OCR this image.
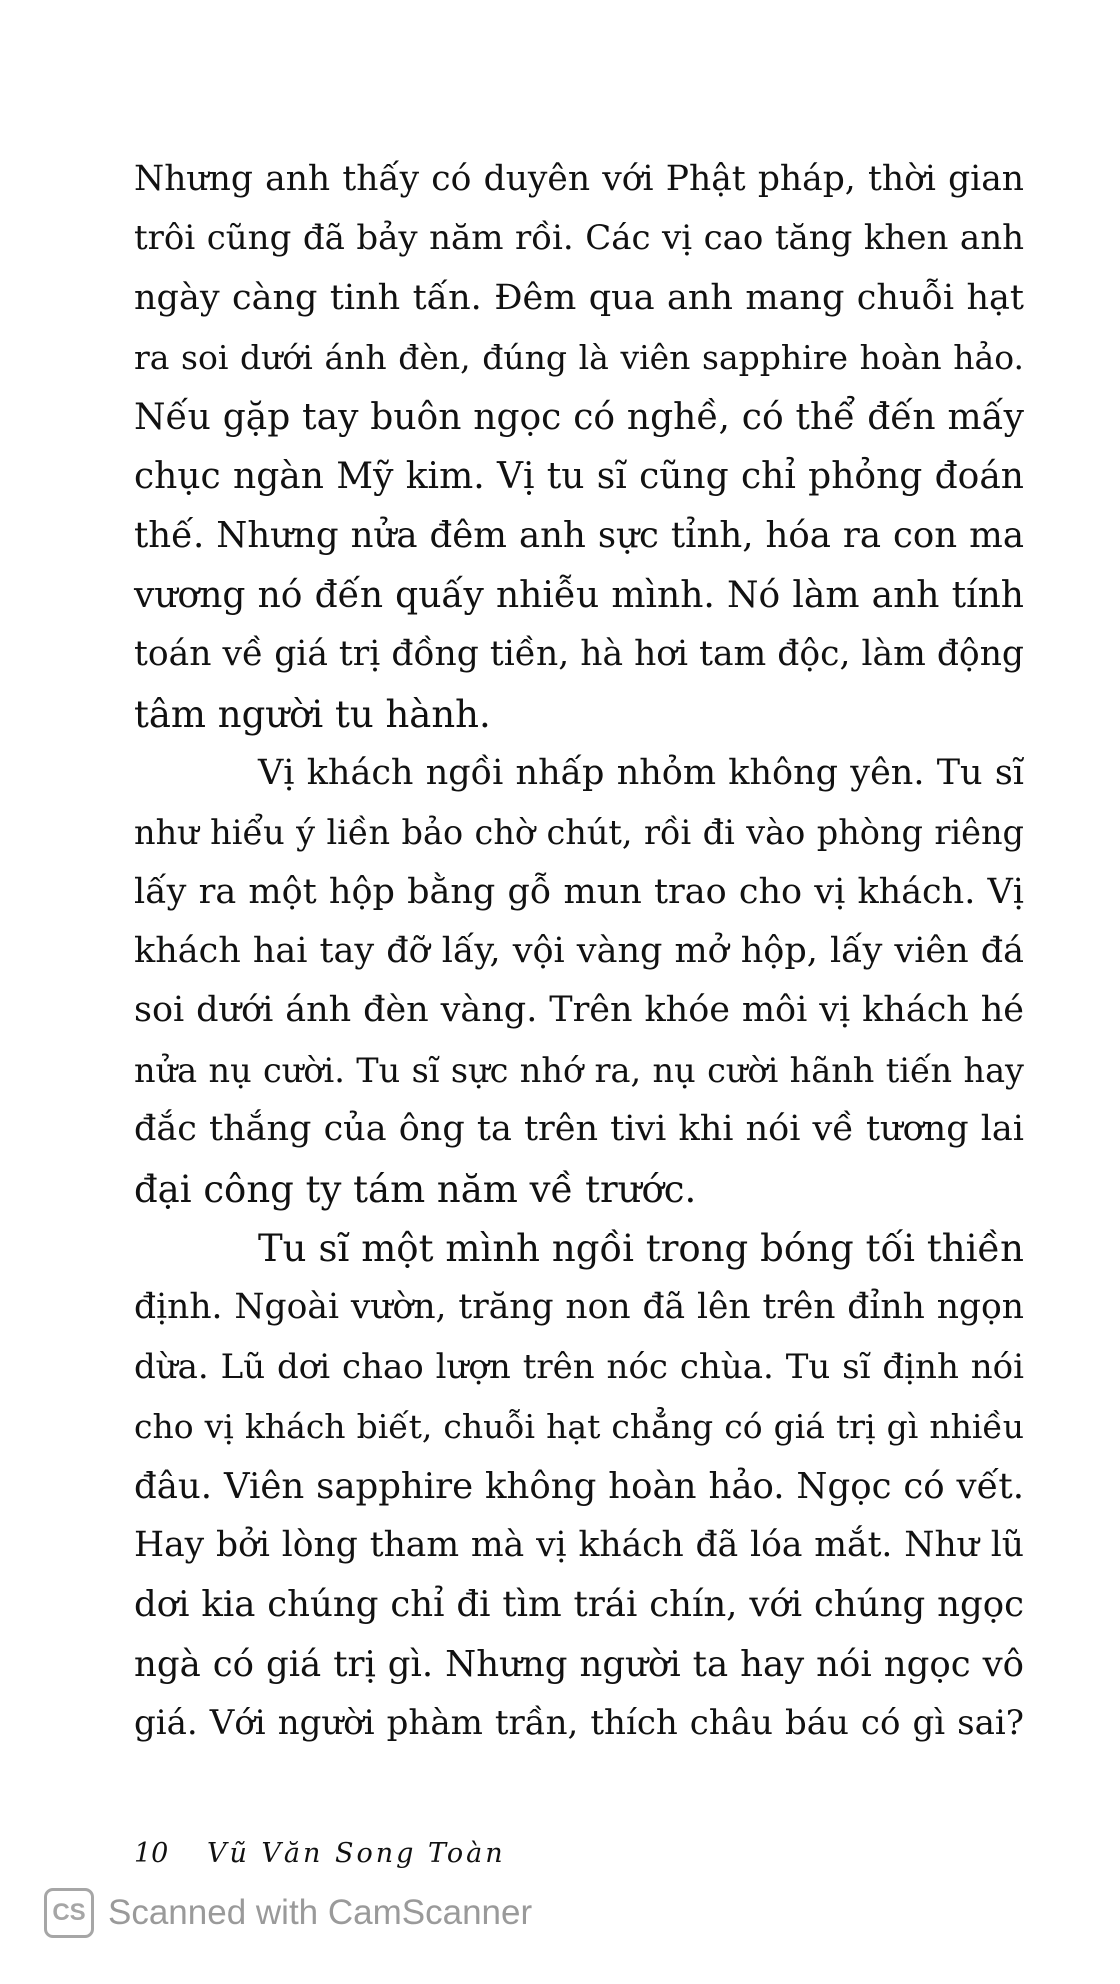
Nhưng anh thấy có duyên với Phật pháp, thời gian
trôi cũng đã bảy năm rồi. Các vị cao tăng khen anh
ngày càng tinh tấn. Đêm qua anh mang chuỗi hạt
ra soi dưới ánh đèn, đúng là viên sapphire hoàn hảo.
Nếu gặp tay buôn ngọc có nghề, có thể đến mấy
chục ngàn Mỹ kim. Vị tu sĩ cũng chỉ phỏng đoán
thế. Nhưng nửa đêm anh sực tỉnh, hóa ra con ma
vương nó đến quấy nhiễu mình. Nó làm anh tính
toán về giá trị đồng tiền, hà hơi tam độc, làm động
tâm người tu hành.
Vị khách ngồi nhấp nhỏm không yên. Tu sĩ
như hiểu ý liền bảo chờ chút, rồi đi vào phòng riêng
lấy ra một hộp bằng gỗ mun trao cho vị khách. Vị
khách hai tay đỡ lấy, vội vàng mở hộp, lấy viên đá
soi dưới ánh đèn vàng. Trên khóe môi vị khách hé
nửa nụ cười. Tu sĩ sực nhớ ra, nụ cười hãnh tiến hay
đắc thắng của ông ta trên tivi khi nói về tương lai
đại công ty tám năm về trước.
Tu sĩ một mình ngồi trong bóng tối thiền
định. Ngoài vườn, trăng non đã lên trên đỉnh ngọn
dừa. Lũ dơi chao lượn trên nóc chùa. Tu sĩ định nói
cho vị khách biết, chuỗi hạt chẳng có giá trị gì nhiều
đâu. Viên sapphire không hoàn hảo. Ngọc có vết.
Hay bởi lòng tham mà vị khách đã lóa mắt. Như lũ
dơi kia chúng chỉ đi tìm trái chín, với chúng ngọc
ngà có giá trị gì. Nhưng người ta hay nói ngọc vô
giá. Với người phàm trần, thích châu báu có gì sai?
10 Vũ Văn Song Toàn
CS Scanned with CamScanner
